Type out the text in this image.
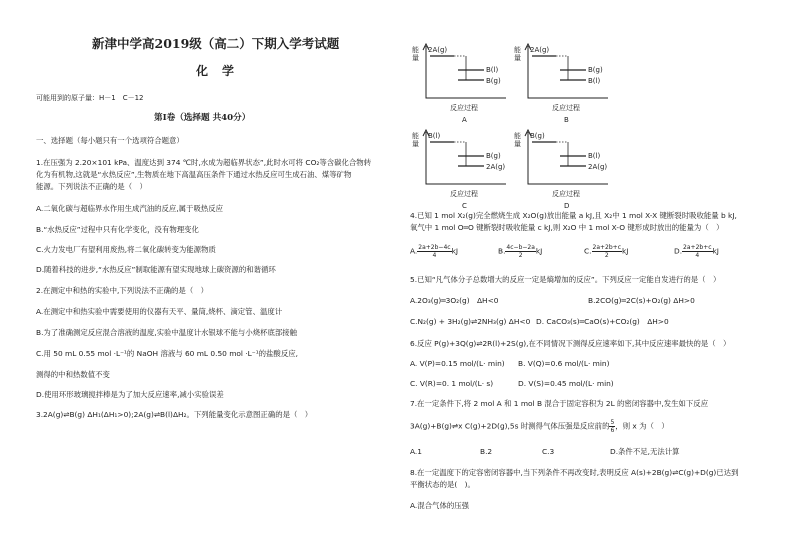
新津中学高2019级（高二）下期入学考试题
化学
可能用到的原子量：H－1　C－12
第Ⅰ卷（选择题 共40分）
一、选择题（每小题只有一个选项符合题意）
1.在压强为 2.20×101 kPa、温度达到 374 ℃时,水成为超临界状态”,此时水可将 CO₂等含碳化合物转
化为有机物,这就是“水热反应”,生物质在地下高温高压条件下通过水热反应可生成石油、煤等矿物
能源。下列说法不正确的是（　）
A.二氧化碳与超临界水作用生成汽油的反应,属于吸热反应
B.“水热反应”过程中只有化学变化，没有物理变化
C.火力发电厂有望利用废热,将二氧化碳转变为能源物质
D.随着科技的进步,“水热反应”制取能源有望实现地球上碳资源的和谐循环
2.在测定中和热的实验中,下列说法不正确的是（　）
A.在测定中和热实验中需要使用的仪器有天平、量筒,烧杯、滴定管、温度计
B.为了准确测定反应混合溶液的温度,实验中温度计水银球不能与小烧杯底部接触
C.用 50 mL 0.55 mol ·L⁻¹的 NaOH 溶液与 60 mL 0.50 mol ·L⁻¹的盐酸反应,
测得的中和热数值不变
D.使用环形玻璃搅拌棒是为了加大反应速率,减小实验误差
3.2A(g)⇌B(g) ΔH₁(ΔH₁>0);2A(g)⇌B(l)ΔH₂。下列能量变化示意图正确的是（　）
4.已知 1 mol X₂(g)完全燃烧生成 X₂O(g)放出能量 a kJ,且 X₂中 1 mol X-X 键断裂时吸收能量 b kJ,
氧气中 1 mol O═O 键断裂时吸收能量 c kJ,则 X₂O 中 1 mol X-O 键形成时放出的能量为（　）
A. $\frac{2a+2b-4c}{4}$ kJ	B. $\frac{4c-b-2a}{2}$ kJ	C. $\frac{2a+2b+c}{2}$ kJ	D. $\frac{2a+2b+c}{4}$ kJ
5.已知“凡气体分子总数增大的反应一定是熵增加的反应”。下列反应一定能自发进行的是（　）
A.2O₃(g)═3O₂(g)　ΔH<0	B.2CO(g)═2C(s)+O₂(g) ΔH>0
C.N₂(g) + 3H₂(g)⇌2NH₃(g) ΔH<0 D. CaCO₃(s)═CaO(s)+CO₂(g)　ΔH>0
6.反应 P(g)+3Q(g)⇌2R(l)+2S(g),在不同情况下测得反应速率如下,其中反应速率最快的是（　）
A. V(P)=0.15 mol/(L· min) B. V(Q)=0.6 mol/(L· min)
C. V(R)=0. 1 mol/(L· s)	D. V(S)=0.45 mol/(L· min)
7.在一定条件下,将 2 mol A 和 1 mol B 混合于固定容积为 2L 的密闭容器中,发生如下反应
3A(g)+B(g)⇌x C(g)+2D(g),5s 时测得气体压强是反应前的 $\frac{5}{6}$ ，则 x 为（　）
A.1	B.2	C.3	D.条件不足,无法计算
8.在一定温度下的定容密闭容器中,当下列条件不再改变时,表明反应 A(s)+2B(g)⇌C(g)+D(g)已达到
平衡状态的是(　)。
A.混合气体的压强
能量
2A(g)
B(l)
B(g)
反应过程
A
能量
2A(g)
B(g)
B(l)
反应过程
B
能量
B(l)
B(g)
2A(g)
反应过程
C
能量
B(g)
B(l)
2A(g)
反应过程
D
